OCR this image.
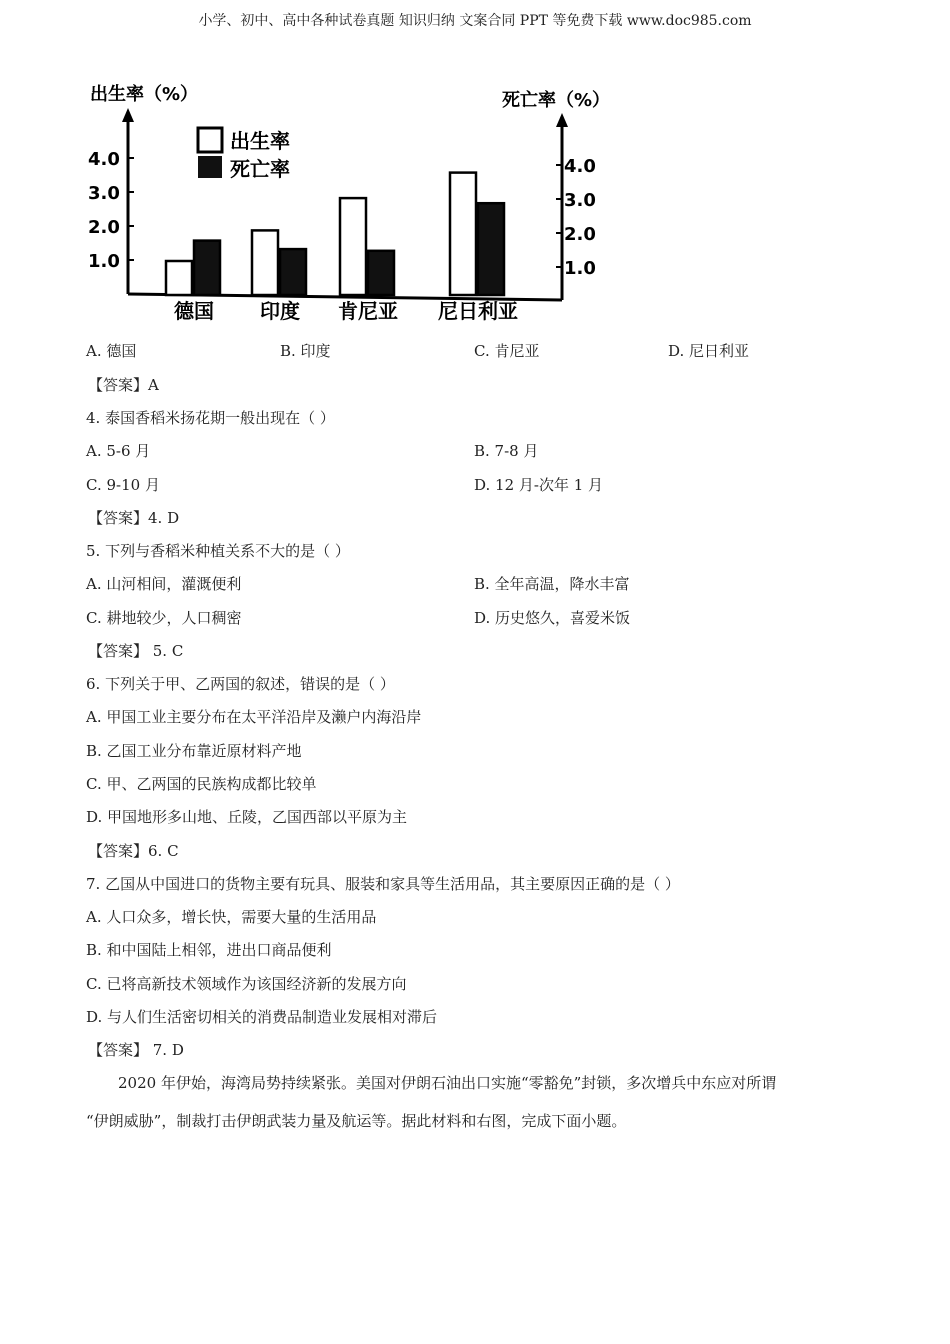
小学、初中、高中各种试卷真题 知识归纳 文案合同 PPT 等免费下载 www.doc985.com
出生率（%）	死亡率（%）
出生率
死亡率
1.0	1.0
2.0	2.0
3.0	3.0
4.0	4.0
德国 印度 肯尼亚 尼日利亚
A. 德国	B. 印度	C. 肯尼亚	D. 尼日利亚
【答案】A
4. 泰国香稻米扬花期一般出现在（ ）
A. 5-6 月	B. 7-8 月
C. 9-10 月	D. 12 月-次年 1 月
【答案】4. D
5. 下列与香稻米种植关系不大的是（ ）
A. 山河相间，灌溉便利	B. 全年高温，降水丰富
C. 耕地较少，人口稠密	D. 历史悠久，喜爱米饭
【答案】 5. C
6. 下列关于甲、乙两国的叙述，错误的是（ ）
A. 甲国工业主要分布在太平洋沿岸及濑户内海沿岸
B. 乙国工业分布靠近原材料产地
C. 甲、乙两国的民族构成都比较单
D. 甲国地形多山地、丘陵，乙国西部以平原为主
【答案】6. C
7. 乙国从中国进口的货物主要有玩具、服装和家具等生活用品，其主要原因正确的是（ ）
A. 人口众多，增长快，需要大量的生活用品
B. 和中国陆上相邻，进出口商品便利
C. 已将高新技术领域作为该国经济新的发展方向
D. 与人们生活密切相关的消费品制造业发展相对滞后
【答案】 7. D
2020 年伊始，海湾局势持续紧张。美国对伊朗石油出口实施“零豁免”封锁，多次增兵中东应对所谓
“伊朗威胁”，制裁打击伊朗武装力量及航运等。据此材料和右图，完成下面小题。
